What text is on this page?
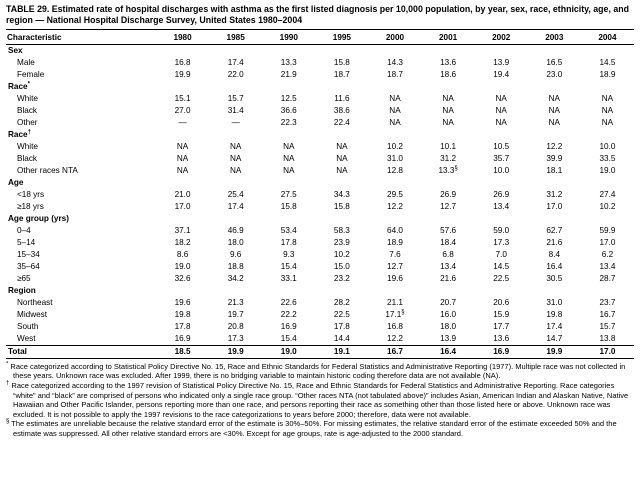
TABLE 29. Estimated rate of hospital discharges with asthma as the first listed diagnosis per 10,000 population, by year, sex, race, ethnicity, age, and region — National Hospital Discharge Survey, United States 1980–2004
Characteristic	1980	1985	1990	1995	2000	2001	2002	2003	2004
Sex									
Male	16.8	17.4	13.3	15.8	14.3	13.6	13.9	16.5	14.5
Female	19.9	22.0	21.9	18.7	18.7	18.6	19.4	23.0	18.9
Race*									
White	15.1	15.7	12.5	11.6	NA	NA	NA	NA	NA
Black	27.0	31.4	36.6	38.6	NA	NA	NA	NA	NA
Other	—	—	22.3	22.4	NA	NA	NA	NA	NA
Race†									
White	NA	NA	NA	NA	10.2	10.1	10.5	12.2	10.0
Black	NA	NA	NA	NA	31.0	31.2	35.7	39.9	33.5
Other races NTA	NA	NA	NA	NA	12.8	13.3§	10.0	18.1	19.0
Age									
<18 yrs	21.0	25.4	27.5	34.3	29.5	26.9	26.9	31.2	27.4
≥18 yrs	17.0	17.4	15.8	15.8	12.2	12.7	13.4	17.0	10.2
Age group (yrs)									
0–4	37.1	46.9	53.4	58.3	64.0	57.6	59.0	62.7	59.9
5–14	18.2	18.0	17.8	23.9	18.9	18.4	17.3	21.6	17.0
15–34	8.6	9.6	9.3	10.2	7.6	6.8	7.0	8.4	6.2
35–64	19.0	18.8	15.4	15.0	12.7	13.4	14.5	16.4	13.4
≥65	32.6	34.2	33.1	23.2	19.6	21.6	22.5	30.5	28.7
Region									
Northeast	19.6	21.3	22.6	28.2	21.1	20.7	20.6	31.0	23.7
Midwest	19.8	19.7	22.2	22.5	17.1§	16.0	15.9	19.8	16.7
South	17.8	20.8	16.9	17.8	16.8	18.0	17.7	17.4	15.7
West	16.9	17.3	15.4	14.4	12.2	13.9	13.6	14.7	13.8
Total	18.5	19.9	19.0	19.1	16.7	16.4	16.9	19.9	17.0

* Race categorized according to Statistical Policy Directive No. 15, Race and Ethnic Standards for Federal Statistics and Administrative Reporting (1977). Multiple race was not collected in these years. Unknown race was excluded. After 1999, there is no bridging variable to maintain historic coding therefore data are not available (NA).

† Race categorized according to the 1997 revision of Statistical Policy Directive No. 15, Race and Ethnic Standards for Federal Statistics and Administrative Reporting. Race categories “white” and “black” are comprised of persons who indicated only a single race group. “Other races NTA (not tabulated above)” includes Asian, American Indian and Alaskan Native, Native Hawaiian and Other Pacific Islander, persons reporting more than one race, and persons reporting their race as something other than those listed here or above. Unknown race was excluded. It is not possible to apply the 1997 revisions to the race categorizations to years before 2000; therefore, data were not available.

§ The estimates are unreliable because the relative standard error of the estimate is 30%–50%. For missing estimates, the relative standard error of the estimate exceeded 50% and the estimate was suppressed. All other relative standard errors are <30%. Except for age groups, rate is age-adjusted to the 2000 standard.
